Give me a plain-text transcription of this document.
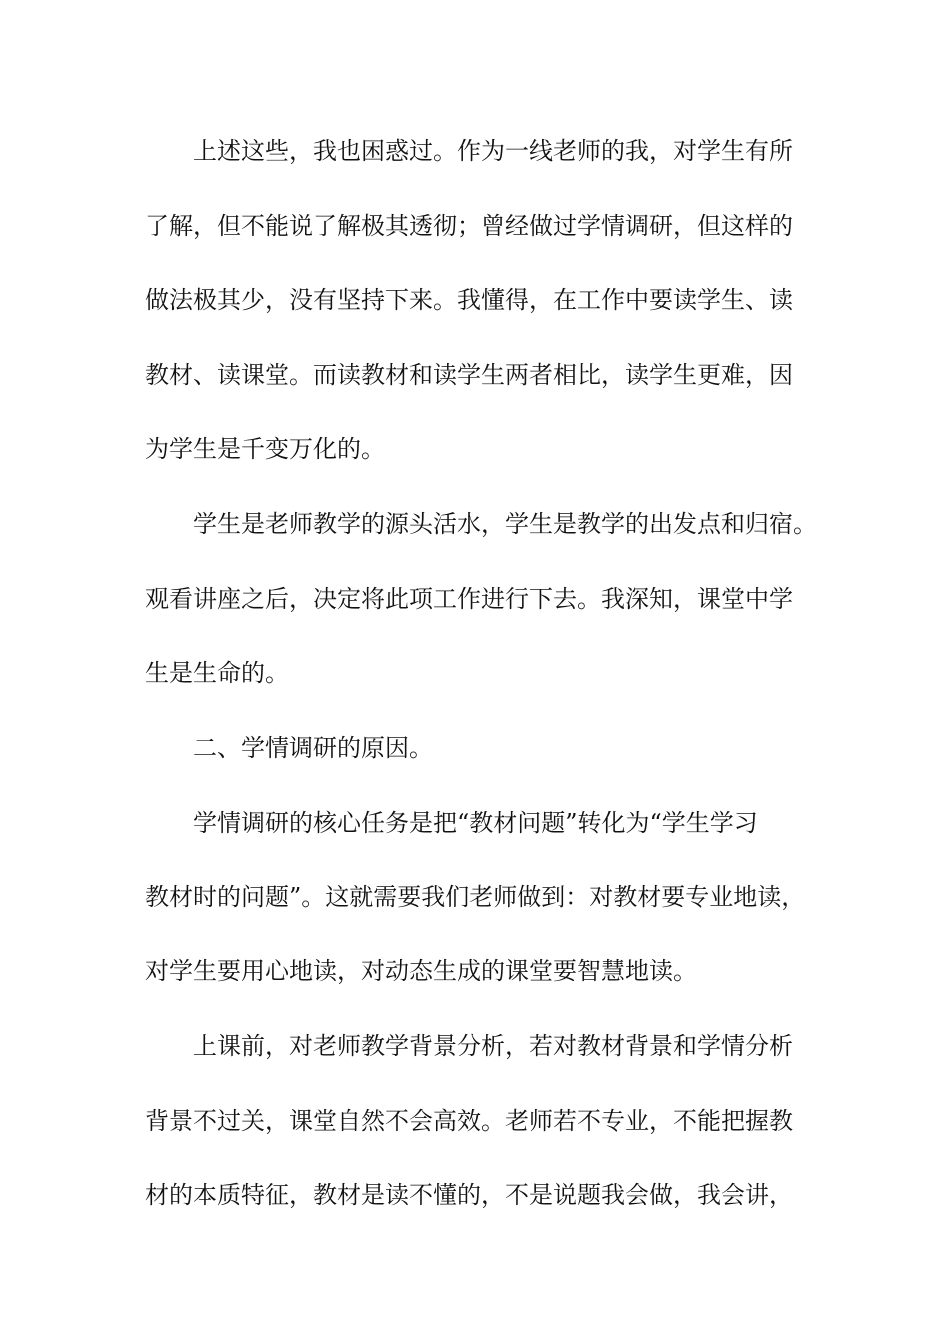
上述这些，我也困惑过。作为一线老师的我，对学生有所

了解，但不能说了解极其透彻；曾经做过学情调研，但这样的

做法极其少，没有坚持下来。我懂得，在工作中要读学生、读

教材、读课堂。而读教材和读学生两者相比，读学生更难，因

为学生是千变万化的。

学生是老师教学的源头活水，学生是教学的出发点和归宿。

观看讲座之后，决定将此项工作进行下去。我深知，课堂中学

生是生命的。

二、学情调研的原因。

学情调研的核心任务是把“教材问题”转化为“学生学习

教材时的问题”。这就需要我们老师做到：对教材要专业地读，

对学生要用心地读，对动态生成的课堂要智慧地读。

上课前，对老师教学背景分析，若对教材背景和学情分析

背景不过关，课堂自然不会高效。老师若不专业，不能把握教

材的本质特征，教材是读不懂的，不是说题我会做，我会讲，
